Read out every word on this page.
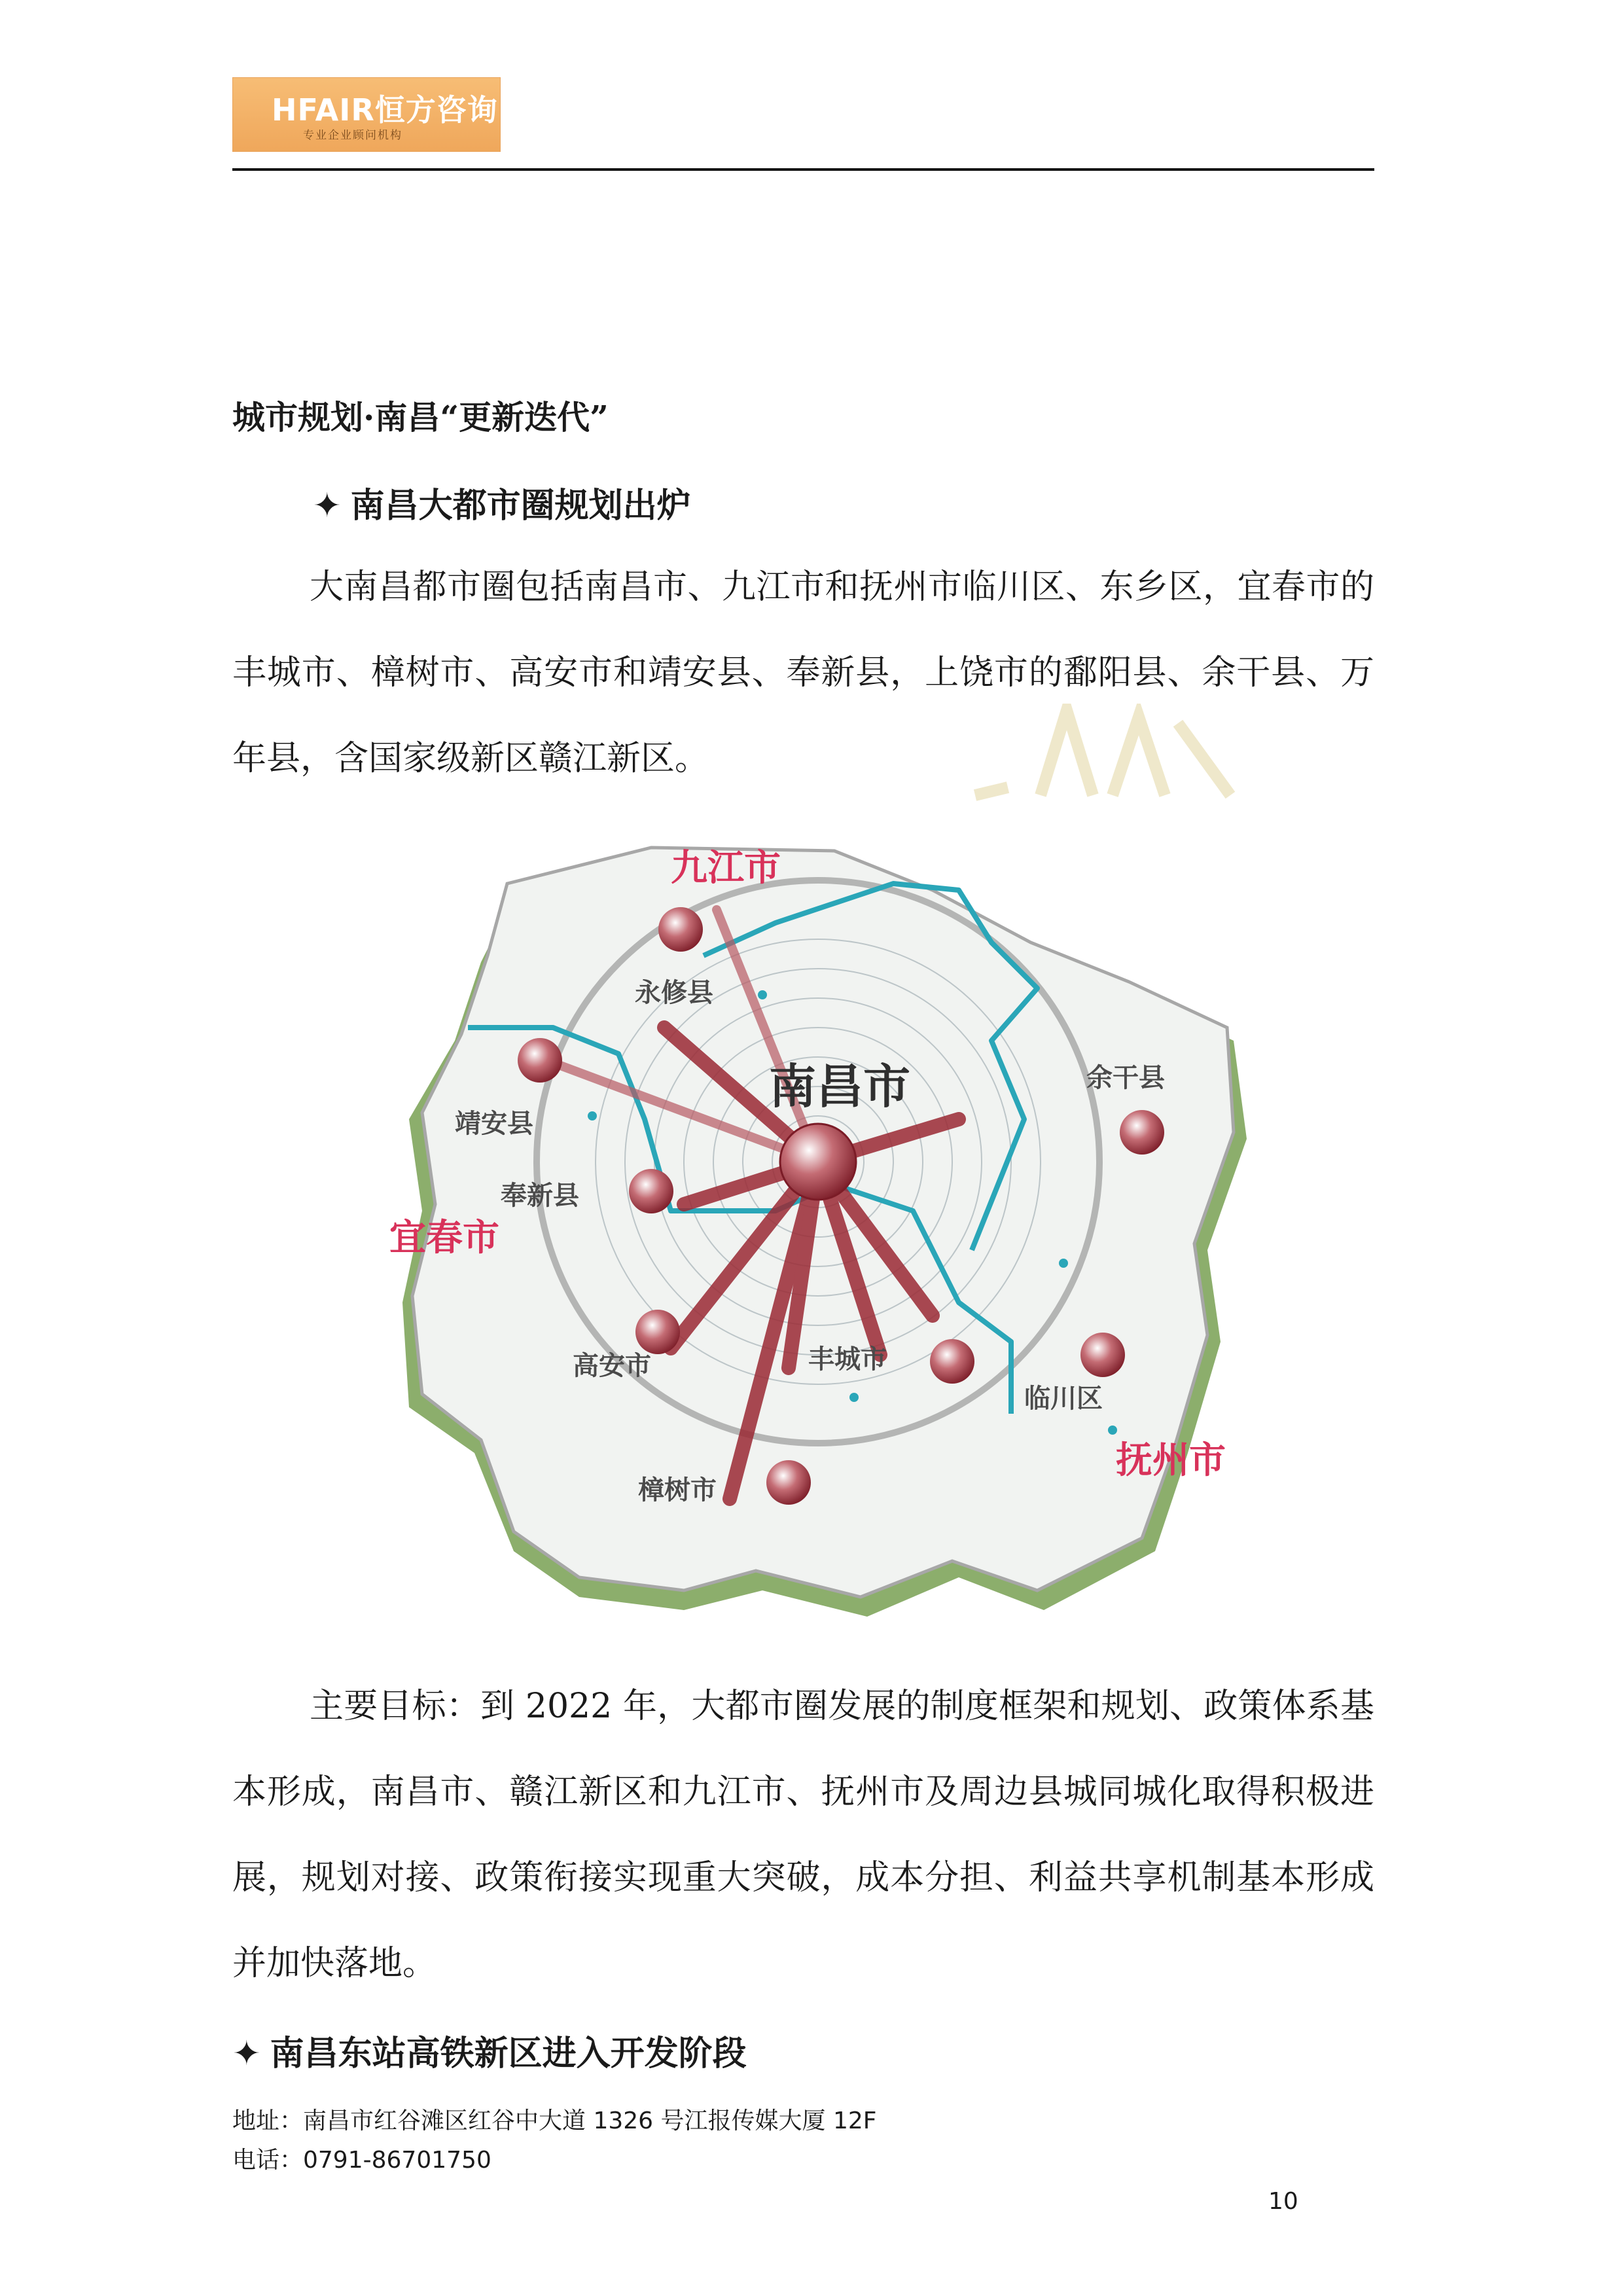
HFAIR恒方咨询
专业企业顾问机构
城市规划·南昌“更新迭代”
✦ 南昌大都市圈规划出炉

大南昌都市圈包括南昌市、九江市和抚州市临川区、东乡区，宜春市的丰城市、樟树市、高安市和靖安县、奉新县，上饶市的鄱阳县、余干县、万年县，含国家级新区赣江新区。

南昌市
九江市
宜春市
抚州市
永修县
余干县
靖安县
奉新县
高安市	丰城市
临川区
樟树市

主要目标：到 2022 年，大都市圈发展的制度框架和规划、政策体系基本形成，南昌市、赣江新区和九江市、抚州市及周边县城同城化取得积极进展，规划对接、政策衔接实现重大突破，成本分担、利益共享机制基本形成并加快落地。

✦ 南昌东站高铁新区进入开发阶段
地址：南昌市红谷滩区红谷中大道 1326 号江报传媒大厦 12F
电话：0791-86701750
10
